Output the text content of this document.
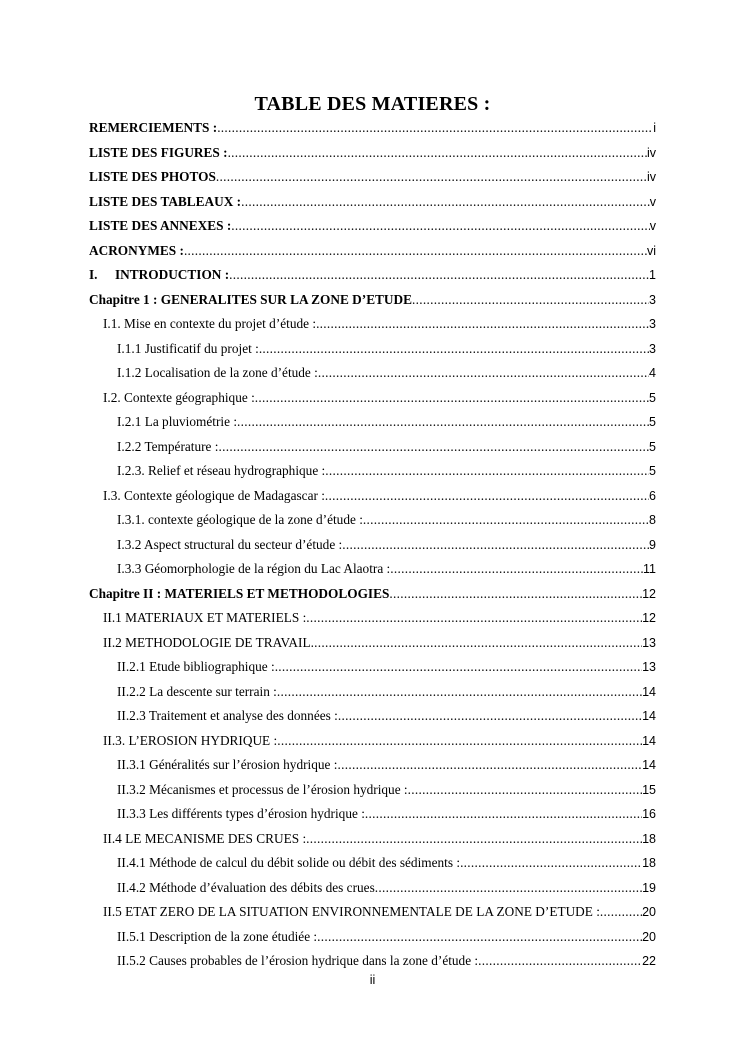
TABLE DES MATIERES :
REMERCIEMENTS : .....	i
LISTE DES FIGURES : .....	iv
LISTE DES PHOTOS .....	iv
LISTE DES TABLEAUX : .....	v
LISTE DES ANNEXES : .....	v
ACRONYMES : .....	vi
I.	INTRODUCTION : .....	1
Chapitre 1 : GENERALITES SUR LA ZONE D’ETUDE .....	3
I.1. Mise en contexte du projet d’étude : .....	3
I.1.1 Justificatif du projet : .....	3
I.1.2 Localisation de la zone d’étude : .....	4
I.2. Contexte géographique : .....	5
I.2.1 La pluviométrie : .....	5
I.2.2 Température : .....	5
I.2.3. Relief et réseau hydrographique : .....	5
I.3. Contexte géologique de Madagascar : .....	6
I.3.1. contexte géologique de la zone d’étude : .....	8
I.3.2 Aspect structural du secteur d’étude : .....	9
I.3.3 Géomorphologie de la région du Lac Alaotra : .....	11
Chapitre II : MATERIELS ET METHODOLOGIES .....	12
II.1 MATERIAUX ET MATERIELS : .....	12
II.2 METHODOLOGIE DE TRAVAIL .....	13
II.2.1 Etude bibliographique : .....	13
II.2.2 La descente sur terrain : .....	14
II.2.3 Traitement et analyse des données : .....	14
II.3. L’EROSION HYDRIQUE : .....	14
II.3.1 Généralités sur l’érosion hydrique : .....	14
II.3.2 Mécanismes et processus de l’érosion hydrique : .....	15
II.3.3 Les différents types d’érosion hydrique : .....	16
II.4 LE MECANISME DES CRUES : .....	18
II.4.1 Méthode de calcul du débit solide ou débit des sédiments : .....	18
II.4.2 Méthode d’évaluation des débits des crues .....	19
II.5 ETAT ZERO DE LA SITUATION ENVIRONNEMENTALE DE LA ZONE D’ETUDE : .....	20
II.5.1 Description de la zone étudiée : .....	20
II.5.2 Causes probables de l’érosion hydrique dans la zone d’étude : .....	22
ii
